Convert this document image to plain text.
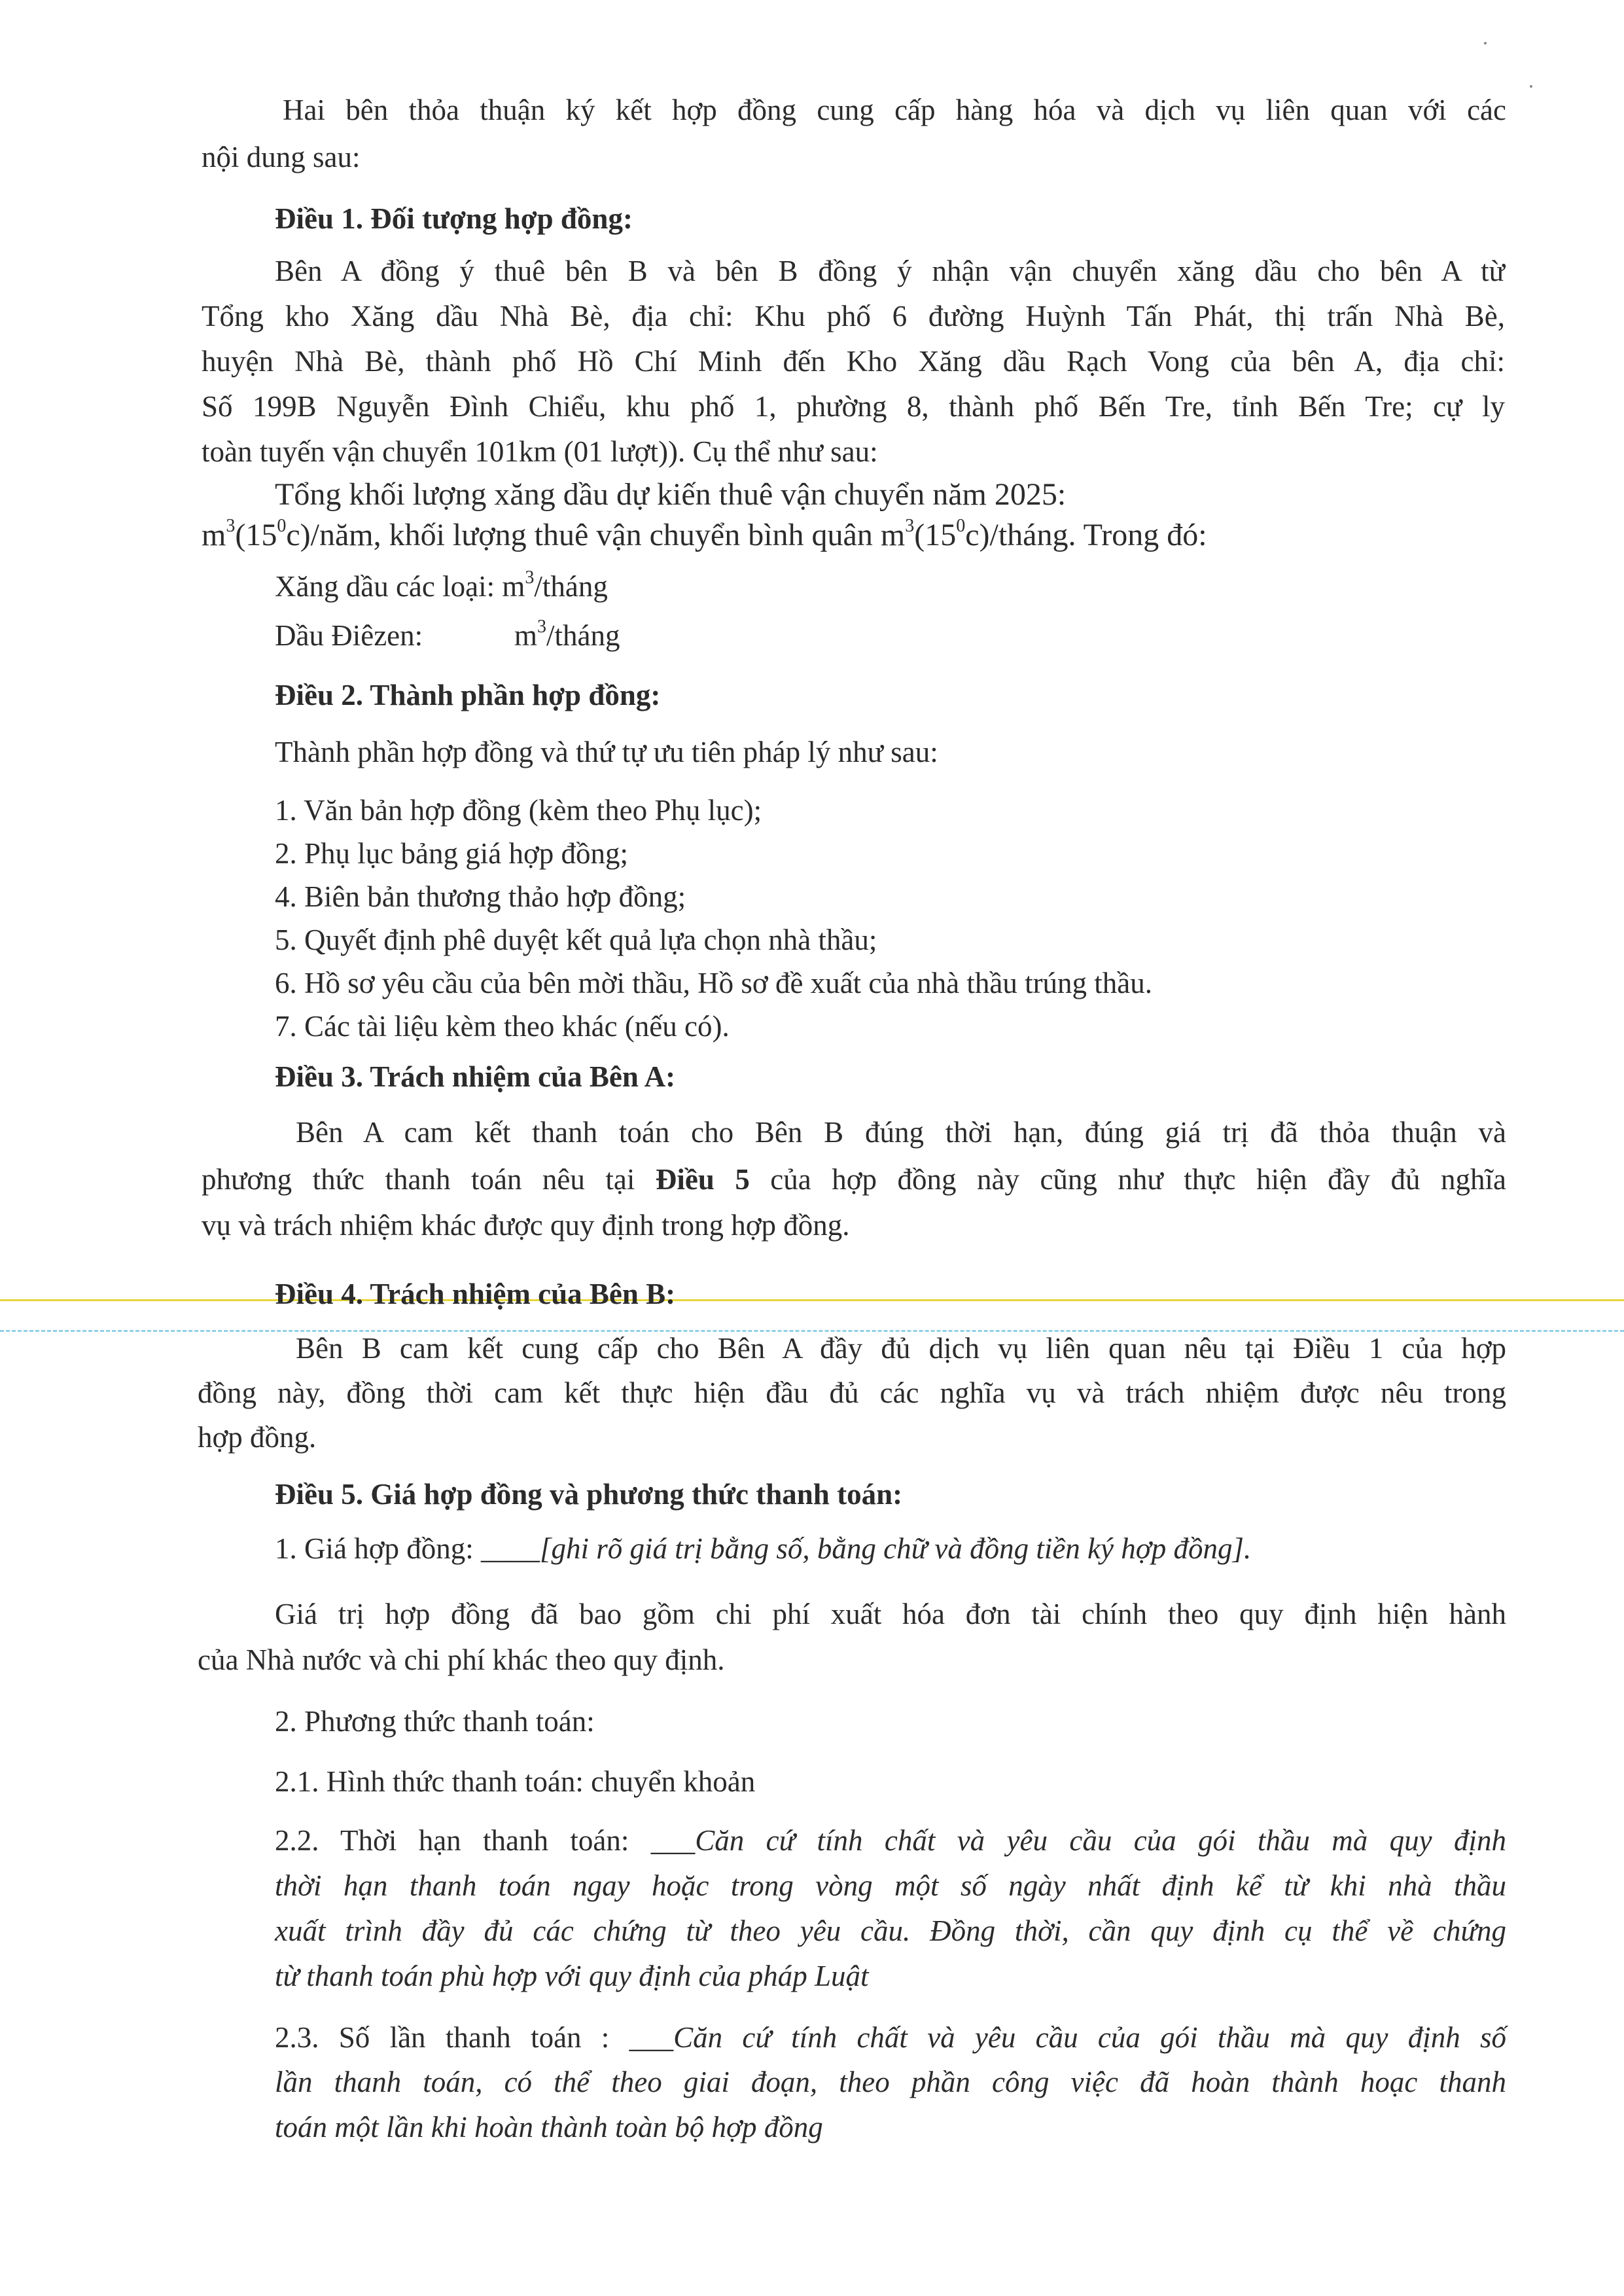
Hai bên thỏa thuận ký kết hợp đồng cung cấp hàng hóa và dịch vụ liên quan với các
nội dung sau:
Điều 1. Đối tượng hợp đồng:
Bên A đồng ý thuê bên B và bên B đồng ý nhận vận chuyển xăng dầu cho bên A từ
Tổng kho Xăng dầu Nhà Bè, địa chỉ: Khu phố 6 đường Huỳnh Tấn Phát, thị trấn Nhà Bè,
huyện Nhà Bè, thành phố Hồ Chí Minh đến Kho Xăng dầu Rạch Vong của bên A, địa chỉ:
Số 199B Nguyễn Đình Chiểu, khu phố 1, phường 8, thành phố Bến Tre, tỉnh Bến Tre; cự ly
toàn tuyến vận chuyển 101km (01 lượt)). Cụ thể như sau:
Tổng khối lượng xăng dầu dự kiến thuê vận chuyển năm 2025:
$m^3(15^0c)$/năm, khối lượng thuê vận chuyển bình quân $m^3(15^0c)$/tháng. Trong đó:
Xăng dầu các loại: $m^3$/tháng
Dầu Điêzen:	$m^3$/tháng
Điều 2. Thành phần hợp đồng:
Thành phần hợp đồng và thứ tự ưu tiên pháp lý như sau:
1. Văn bản hợp đồng (kèm theo Phụ lục);
2. Phụ lục bảng giá hợp đồng;
4. Biên bản thương thảo hợp đồng;
5. Quyết định phê duyệt kết quả lựa chọn nhà thầu;
6. Hồ sơ yêu cầu của bên mời thầu, Hồ sơ đề xuất của nhà thầu trúng thầu.
7. Các tài liệu kèm theo khác (nếu có).
Điều 3. Trách nhiệm của Bên A:
Bên A cam kết thanh toán cho Bên B đúng thời hạn, đúng giá trị đã thỏa thuận và
phương thức thanh toán nêu tại Điều 5 của hợp đồng này cũng như thực hiện đầy đủ nghĩa
vụ và trách nhiệm khác được quy định trong hợp đồng.
Điều 4. Trách nhiệm của Bên B:
Bên B cam kết cung cấp cho Bên A đầy đủ dịch vụ liên quan nêu tại Điều 1 của hợp
đồng này, đồng thời cam kết thực hiện đầu đủ các nghĩa vụ và trách nhiệm được nêu trong
hợp đồng.
Điều 5. Giá hợp đồng và phương thức thanh toán:
1. Giá hợp đồng: ____[ghi rõ giá trị bằng số, bằng chữ và đồng tiền ký hợp đồng].
Giá trị hợp đồng đã bao gồm chi phí xuất hóa đơn tài chính theo quy định hiện hành
của Nhà nước và chi phí khác theo quy định.
2. Phương thức thanh toán:
2.1. Hình thức thanh toán: chuyển khoản
2.2. Thời hạn thanh toán: ___Căn cứ tính chất và yêu cầu của gói thầu mà quy định
thời hạn thanh toán ngay hoặc trong vòng một số ngày nhất định kể từ khi nhà thầu
xuất trình đầy đủ các chứng từ theo yêu cầu. Đồng thời, cần quy định cụ thể về chứng
từ thanh toán phù hợp với quy định của pháp Luật
2.3. Số lần thanh toán : ___Căn cứ tính chất và yêu cầu của gói thầu mà quy định số
lần thanh toán, có thể theo giai đoạn, theo phần công việc đã hoàn thành hoạc thanh
toán một lần khi hoàn thành toàn bộ hợp đồng
